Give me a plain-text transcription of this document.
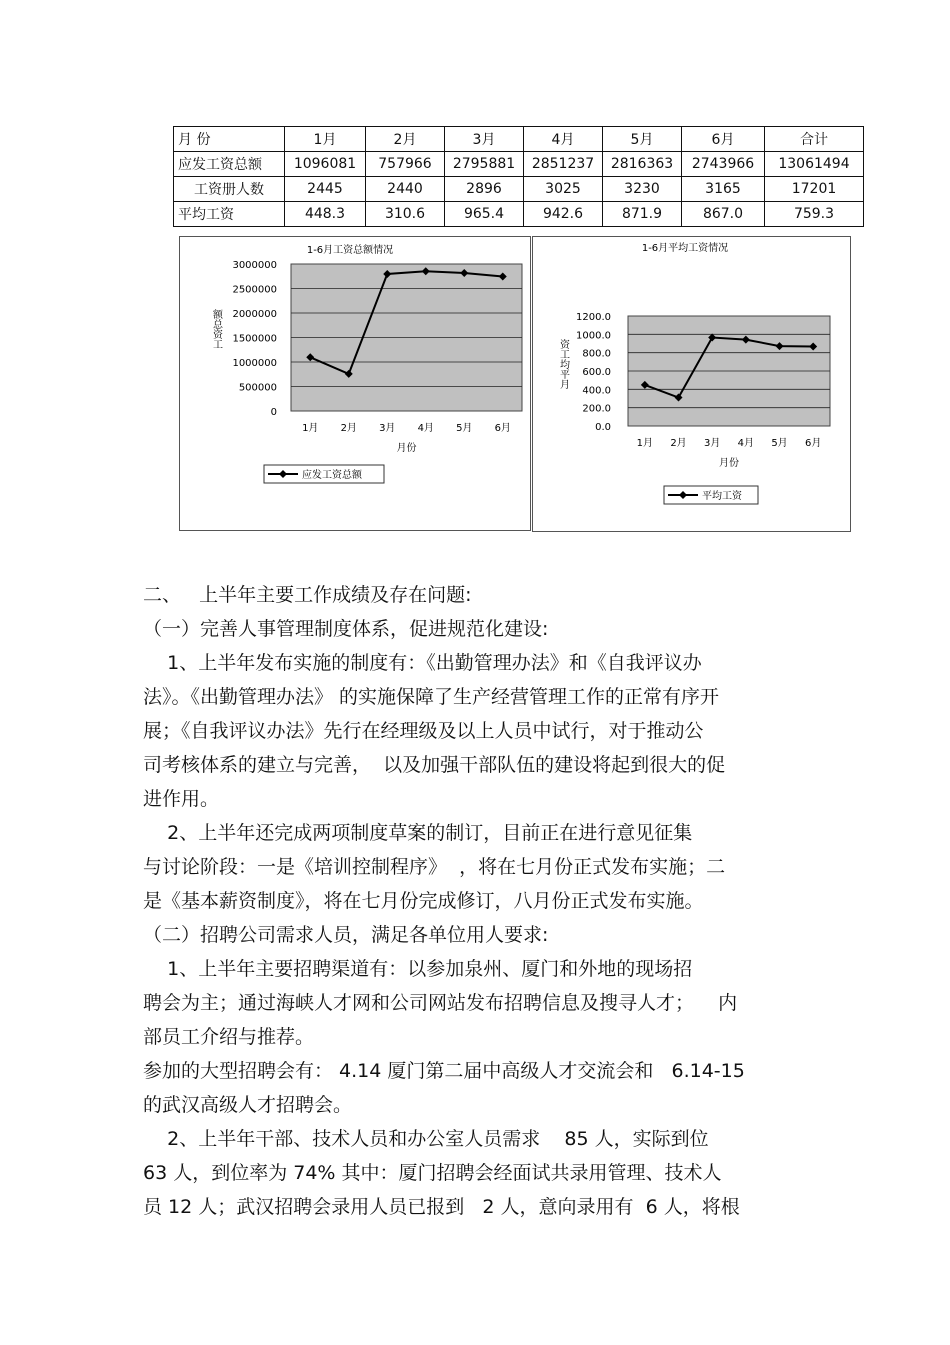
月 份	1月	2月	3月	4月	5月	6月	合计
应发工资总额	1096081	757966	2795881	2851237	2816363	2743966	13061494
工资册人数	2445	2440	2896	3025	3230	3165	17201
平均工资	448.3	310.6	965.4	942.6	871.9	867.0	759.3
1-6月工资总额情况
3000000
2500000
2000000
1500000
1000000
500000
0
1月 2月 3月 4月 5月 6月
月份
额总资工
应发工资总额
1-6月平均工资情况
1200.0
1000.0
800.0
600.0
400.0
200.0
0.0
1月 2月 3月 4月 5月 6月
月份
资工均平月
平均工资
二、   上半年主要工作成绩及存在问题:
（一）完善人事管理制度体系，促进规范化建设:
1、上半年发布实施的制度有：《出勤管理办法》和《自我评议办
法》。《出勤管理办法》 的实施保障了生产经营管理工作的正常有序开
展；《自我评议办法》先行在经理级及以上人员中试行，对于推动公
司考核体系的建立与完善，  以及加强干部队伍的建设将起到很大的促
进作用。
2、上半年还完成两项制度草案的制订，目前正在进行意见征集
与讨论阶段：一是《培训控制程序》  ，将在七月份正式发布实施；二
是《基本薪资制度》，将在七月份完成修订，八月份正式发布实施。
（二）招聘公司需求人员，满足各单位用人要求:
1、上半年主要招聘渠道有：以参加泉州、厦门和外地的现场招
聘会为主；通过海峡人才网和公司网站发布招聘信息及搜寻人才；    内
部员工介绍与推荐。
参加的大型招聘会有： 4.14 厦门第二届中高级人才交流会和   6.14-15
的武汉高级人才招聘会。
2、上半年干部、技术人员和办公室人员需求    85 人，实际到位
63 人，到位率为 74% 其中：厦门招聘会经面试共录用管理、技术人
员 12 人；武汉招聘会录用人员已报到   2 人，意向录用有  6 人，将根
